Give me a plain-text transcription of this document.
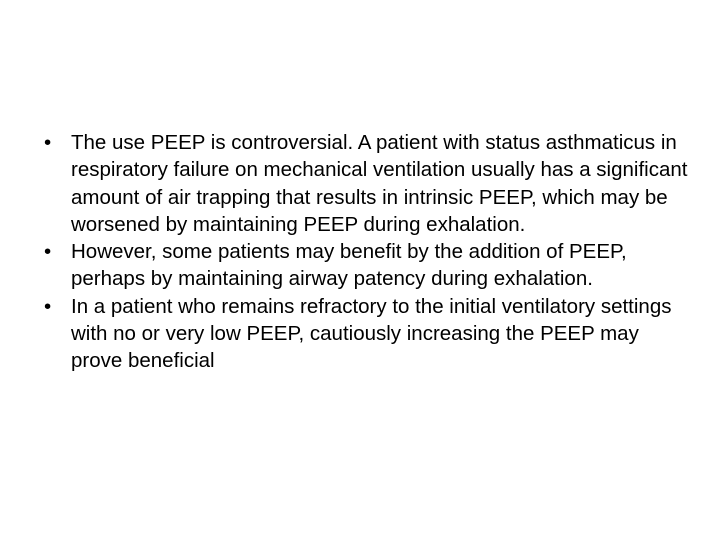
• The use PEEP is controversial. A patient with status asthmaticus in respiratory failure on mechanical ventilation usually has a significant amount of air trapping that results in intrinsic PEEP, which may be worsened by maintaining PEEP during exhalation.
• However, some patients may benefit by the addition of PEEP, perhaps by maintaining airway patency during exhalation.
• In a patient who remains refractory to the initial ventilatory settings with no or very low PEEP, cautiously increasing the PEEP may prove beneficial
